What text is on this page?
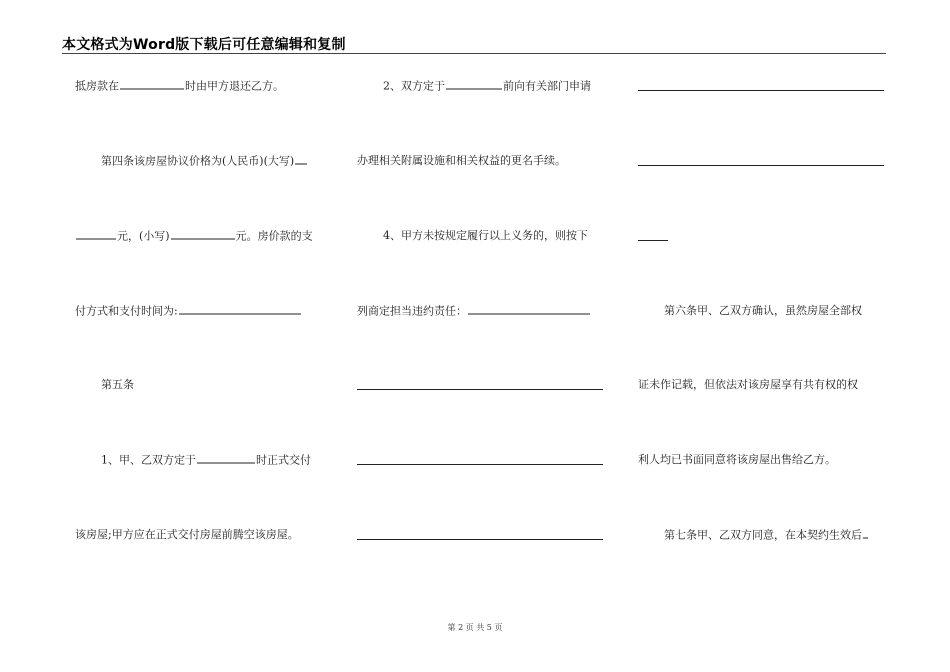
本文格式为Word版下载后可任意编辑和复制
抵房款在	时由甲方退还乙方。
第四条该房屋协议价格为(人民币)(大写)
元，(小写)	元。房价款的支
付方式和支付时间为:
第五条
1、甲、乙双方定于	时正式交付
该房屋;甲方应在正式交付房屋前腾空该房屋。
2、双方定于	前向有关部门申请
办理相关附属设施和相关权益的更名手续。
4、甲方未按规定履行以上义务的，则按下
列商定担当违约责任：	第六条甲、乙双方确认，虽然房屋全部权
证未作记载，但依法对该房屋享有共有权的权
利人均已书面同意将该房屋出售给乙方。
第七条甲、乙双方同意，在本契约生效后
第 2 页 共 5 页
